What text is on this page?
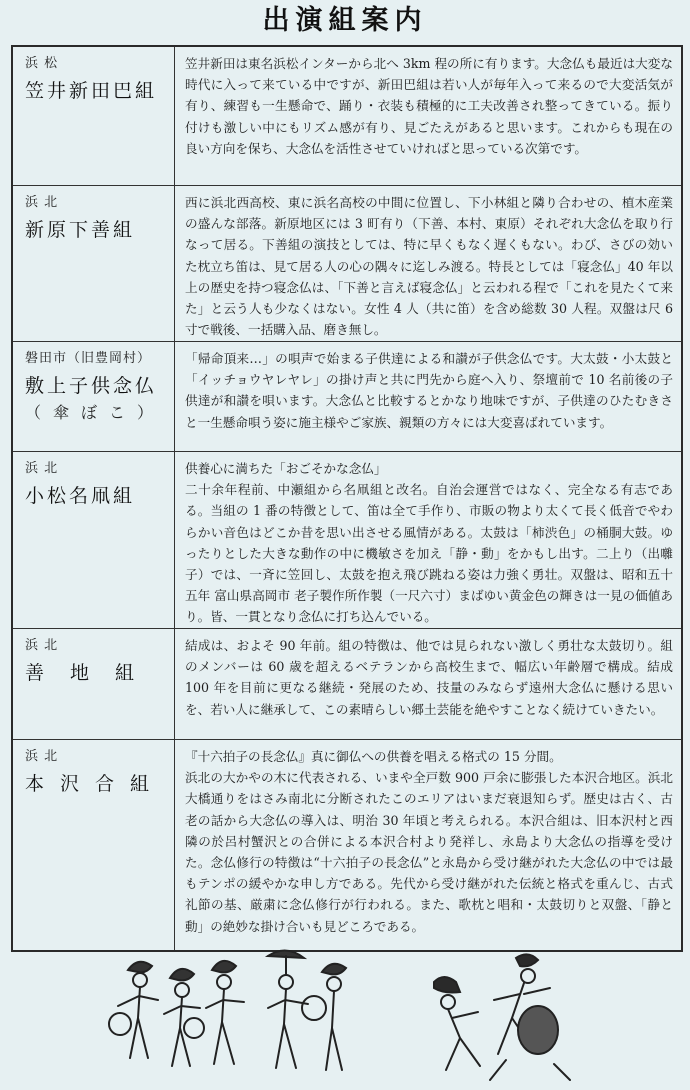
出演組案内
浜 松
笠井新田巴組

笠井新田は東名浜松インターから北へ 3km 程の所に有ります。大念仏も最近は大変な時代に入って来ている中ですが、新田巴組は若い人が毎年入って来るので大変活気が有り、練習も一生懸命で、踊り・衣装も積極的に工夫改善され整ってきている。振り付けも激しい中にもリズム感が有り、見ごたえがあると思います。これからも現在の良い方向を保ち、大念仏を活性させていければと思っている次第です。

浜 北
新原下善組

西に浜北西高校、東に浜名高校の中間に位置し、下小林組と隣り合わせの、植木産業の盛んな部落。新原地区には 3 町有り（下善、本村、東原）それぞれ大念仏を取り行なって居る。下善組の演技としては、特に早くもなく遅くもない。わび、さびの効いた枕立ち笛は、見て居る人の心の隅々に迄しみ渡る。特長としては「寝念仏」40 年以上の歴史を持つ寝念仏は、「下善と言えば寝念仏」と云われる程で「これを見たくて来た」と云う人も少なくはない。女性 4 人（共に笛）を含め総数 30 人程。双盤は尺 6 寸で戦後、一括購入品、磨き無し。

磐田市（旧豊岡村）
敷上子供念仏
（傘ぼこ）

「帰命頂来…」の唄声で始まる子供達による和讃が子供念仏です。大太鼓・小太鼓と「イッチョウヤレヤレ」の掛け声と共に門先から庭へ入り、祭壇前で 10 名前後の子供達が和讃を唄います。大念仏と比較するとかなり地味ですが、子供達のひたむきさと一生懸命唄う姿に施主様やご家族、親類の方々には大変喜ばれています。

浜 北
小松名凧組

供養心に満ちた「おごそかな念仏」
二十余年程前、中瀬組から名凧組と改名。自治会運営ではなく、完全なる有志である。当組の 1 番の特徴として、笛は全て手作り、市販の物より太くて長く低音でやわらかい音色はどこか昔を思い出させる風情がある。太鼓は「柿渋色」の桶胴大鼓。ゆったりとした大きな動作の中に機敏さを加え「静・動」をかもし出す。二上り（出囃子）では、一斉に笠回し、太鼓を抱え飛び跳ねる姿は力強く勇壮。双盤は、昭和五十五年 富山県高岡市 老子製作所作製（一尺六寸）まばゆい黄金色の輝きは一見の価値あり。皆、一貫となり念仏に打ち込んでいる。

浜 北
善地組

結成は、およそ 90 年前。組の特徴は、他では見られない激しく勇壮な太鼓切り。組のメンバーは 60 歳を超えるベテランから高校生まで、幅広い年齢層で構成。結成 100 年を目前に更なる継続・発展のため、技量のみならず遠州大念仏に懸ける思いを、若い人に継承して、この素晴らしい郷土芸能を絶やすことなく続けていきたい。

浜 北
本沢合組

『十六拍子の長念仏』真に御仏への供養を唱える格式の 15 分間。
浜北の大かやの木に代表される、いまや全戸数 900 戸余に膨張した本沢合地区。浜北大橋通りをはさみ南北に分断されたこのエリアはいまだ衰退知らず。歴史は古く、古老の話から大念仏の導入は、明治 30 年頃と考えられる。本沢合組は、旧本沢村と西隣の於呂村蟹沢との合併による本沢合村より発祥し、永島より大念仏の指導を受けた。念仏修行の特徴は“十六拍子の長念仏”と永島から受け継がれた大念仏の中では最もテンポの緩やかな申し方である。先代から受け継がれた伝統と格式を重んじ、古式礼節の基、厳粛に念仏修行が行われる。また、歌枕と唱和・太鼓切りと双盤、「静と動」の絶妙な掛け合いも見どころである。
